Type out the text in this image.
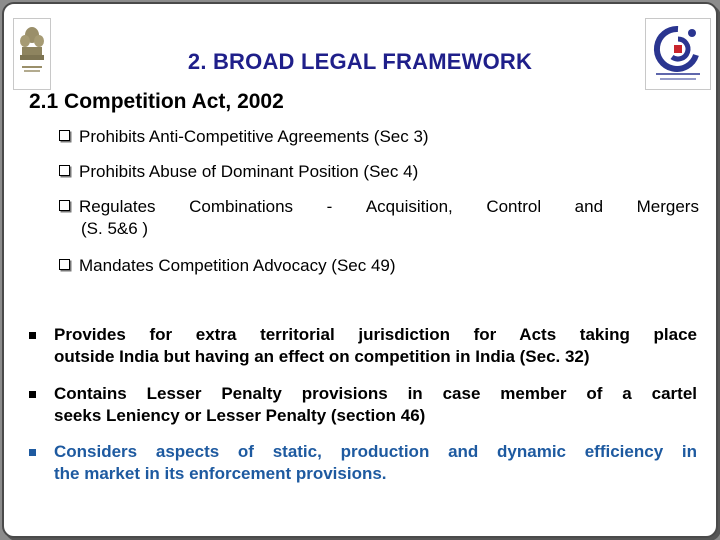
2. BROAD LEGAL FRAMEWORK
2.1 Competition Act, 2002
Prohibits Anti-Competitive Agreements (Sec 3)
Prohibits Abuse of Dominant Position (Sec 4)
Regulates Combinations - Acquisition, Control and Mergers
(S. 5&6 )
Mandates Competition Advocacy (Sec 49)
Provides for extra territorial jurisdiction for Acts taking place
outside India but having an effect on competition in India (Sec. 32)
Contains Lesser Penalty provisions in case member of a cartel
seeks Leniency or Lesser Penalty (section 46)
Considers aspects of static, production and dynamic efficiency in
the market in its enforcement provisions.
